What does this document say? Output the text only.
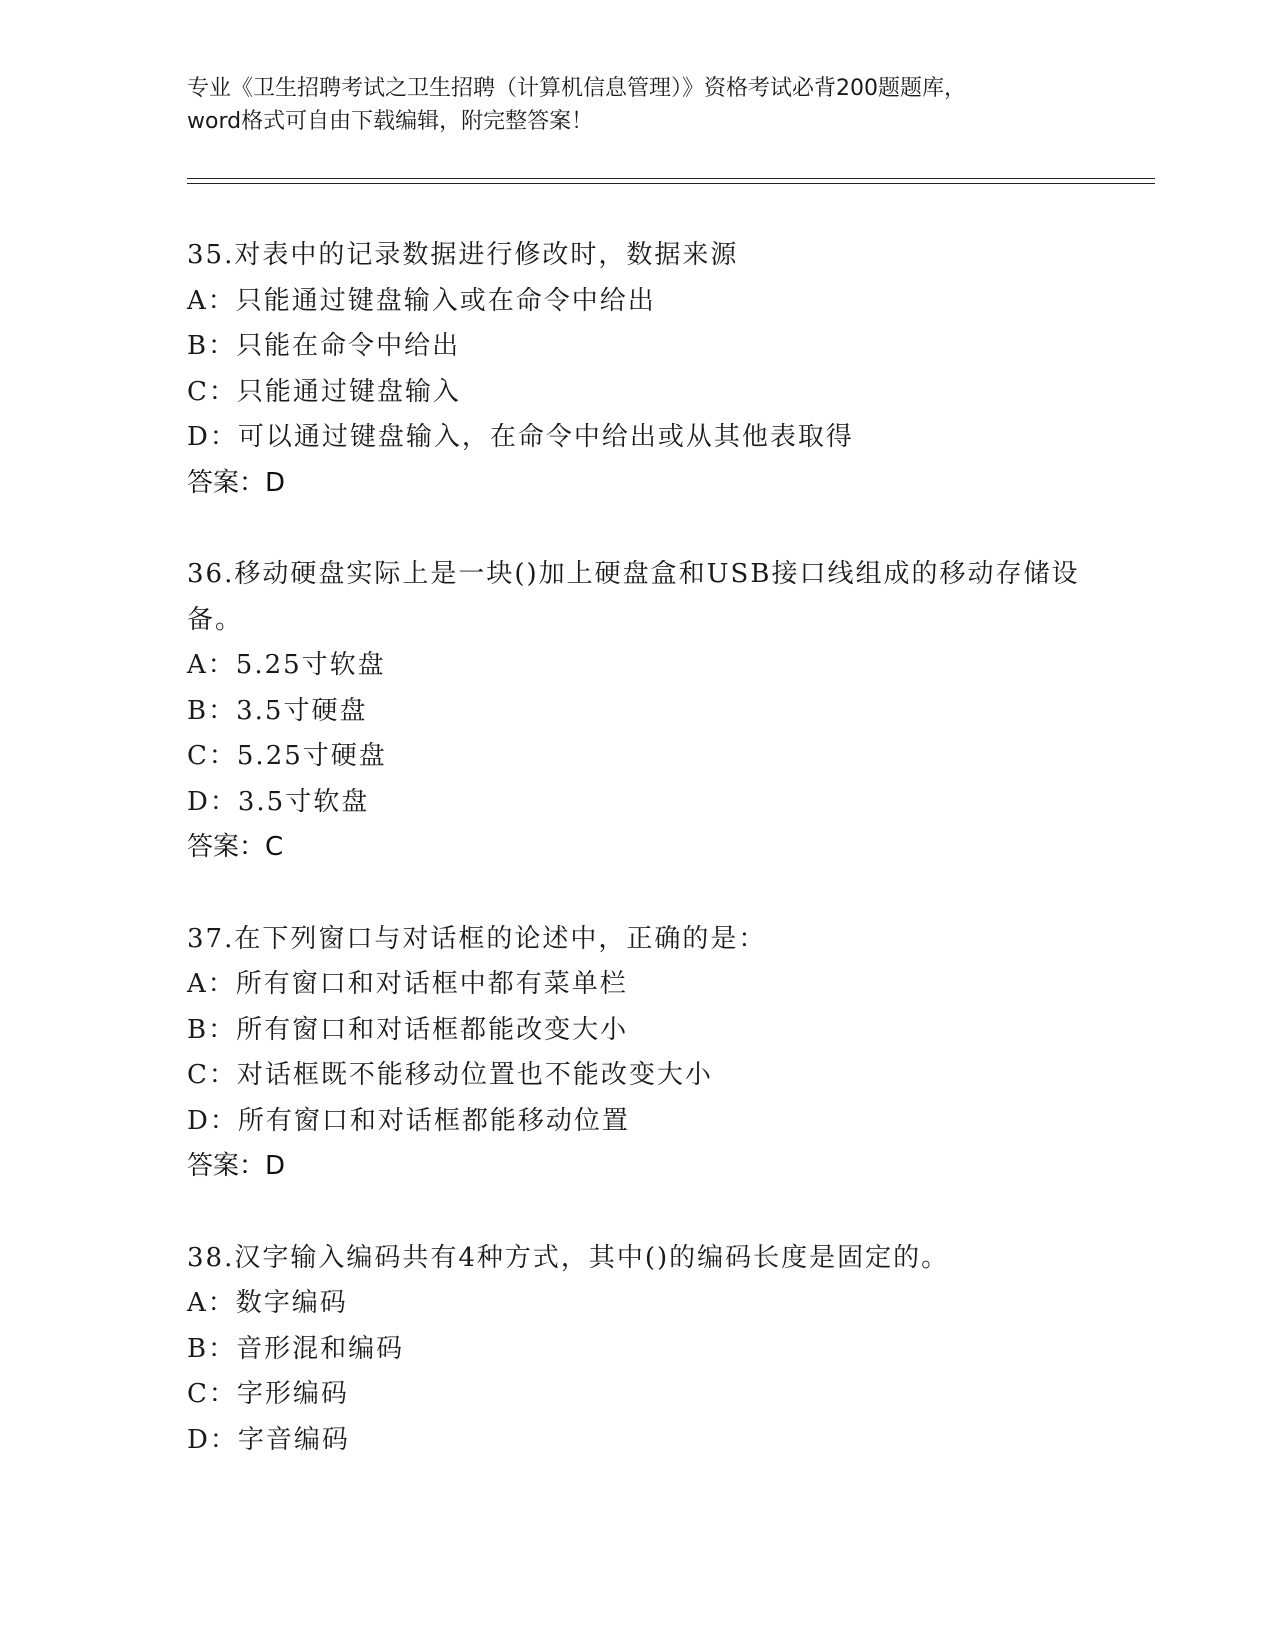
专业《卫生招聘考试之卫生招聘（计算机信息管理）》资格考试必背200题题库，
word格式可自由下载编辑，附完整答案！
35.对表中的记录数据进行修改时，数据来源
A：只能通过键盘输入或在命令中给出
B：只能在命令中给出
C：只能通过键盘输入
D：可以通过键盘输入，在命令中给出或从其他表取得
答案：D
36.移动硬盘实际上是一块()加上硬盘盒和USB接口线组成的移动存储设备。
A：5.25寸软盘
B：3.5寸硬盘
C：5.25寸硬盘
D：3.5寸软盘
答案：C
37.在下列窗口与对话框的论述中，正确的是：
A：所有窗口和对话框中都有菜单栏
B：所有窗口和对话框都能改变大小
C：对话框既不能移动位置也不能改变大小
D：所有窗口和对话框都能移动位置
答案：D
38.汉字输入编码共有4种方式，其中()的编码长度是固定的。
A：数字编码
B：音形混和编码
C：字形编码
D：字音编码
